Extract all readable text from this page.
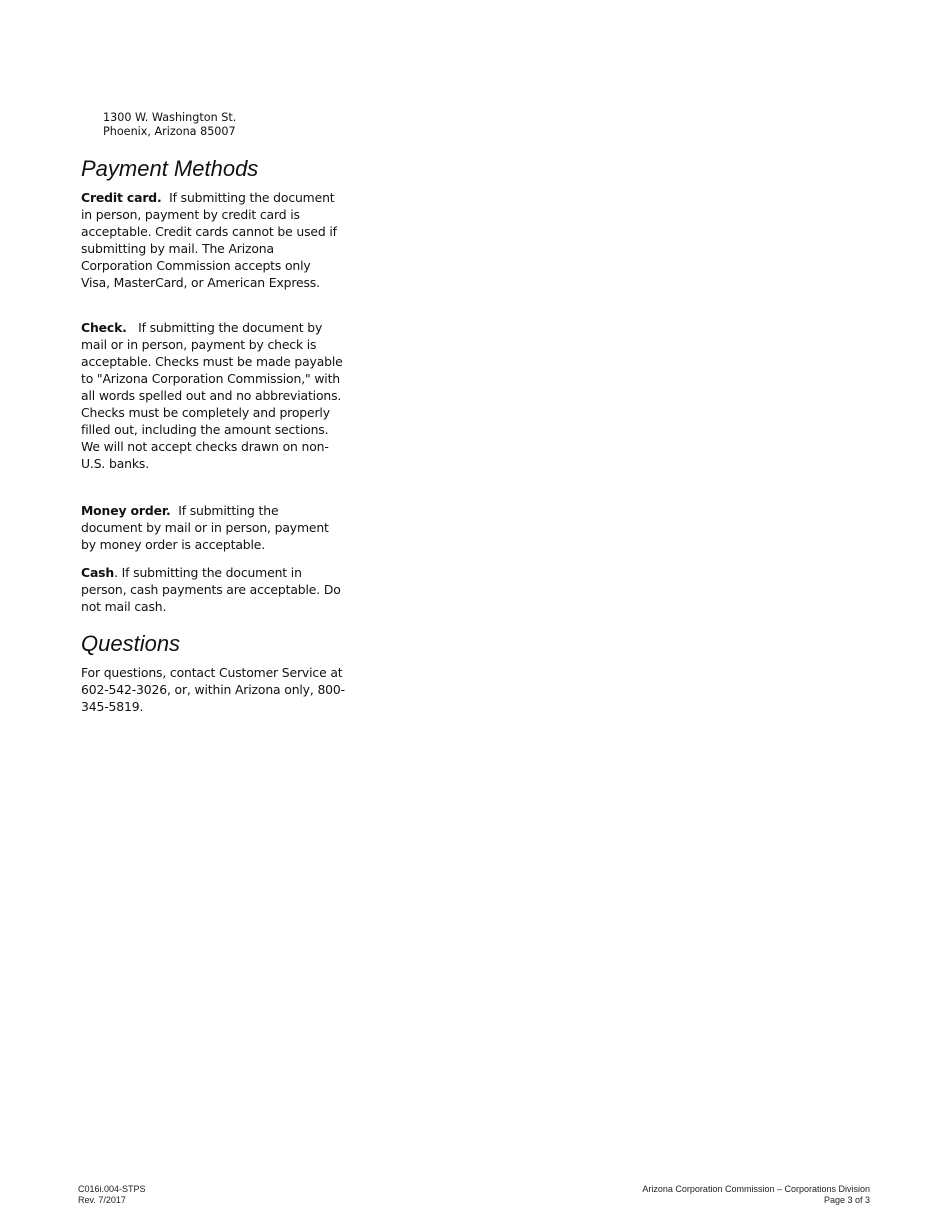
1300 W. Washington St.
Phoenix, Arizona 85007
Payment Methods

Credit card. If submitting the document in person, payment by credit card is acceptable. Credit cards cannot be used if submitting by mail. The Arizona Corporation Commission accepts only Visa, MasterCard, or American Express.

Check. If submitting the document by mail or in person, payment by check is acceptable. Checks must be made payable to "Arizona Corporation Commission," with all words spelled out and no abbreviations. Checks must be completely and properly filled out, including the amount sections. We will not accept checks drawn on non-U.S. banks.

Money order. If submitting the document by mail or in person, payment by money order is acceptable.

Cash. If submitting the document in person, cash payments are acceptable. Do not mail cash.

Questions

For questions, contact Customer Service at 602-542-3026, or, within Arizona only, 800-345-5819.

C016i.004-STPS
Rev. 7/2017
Arizona Corporation Commission – Corporations Division
Page 3 of 3
